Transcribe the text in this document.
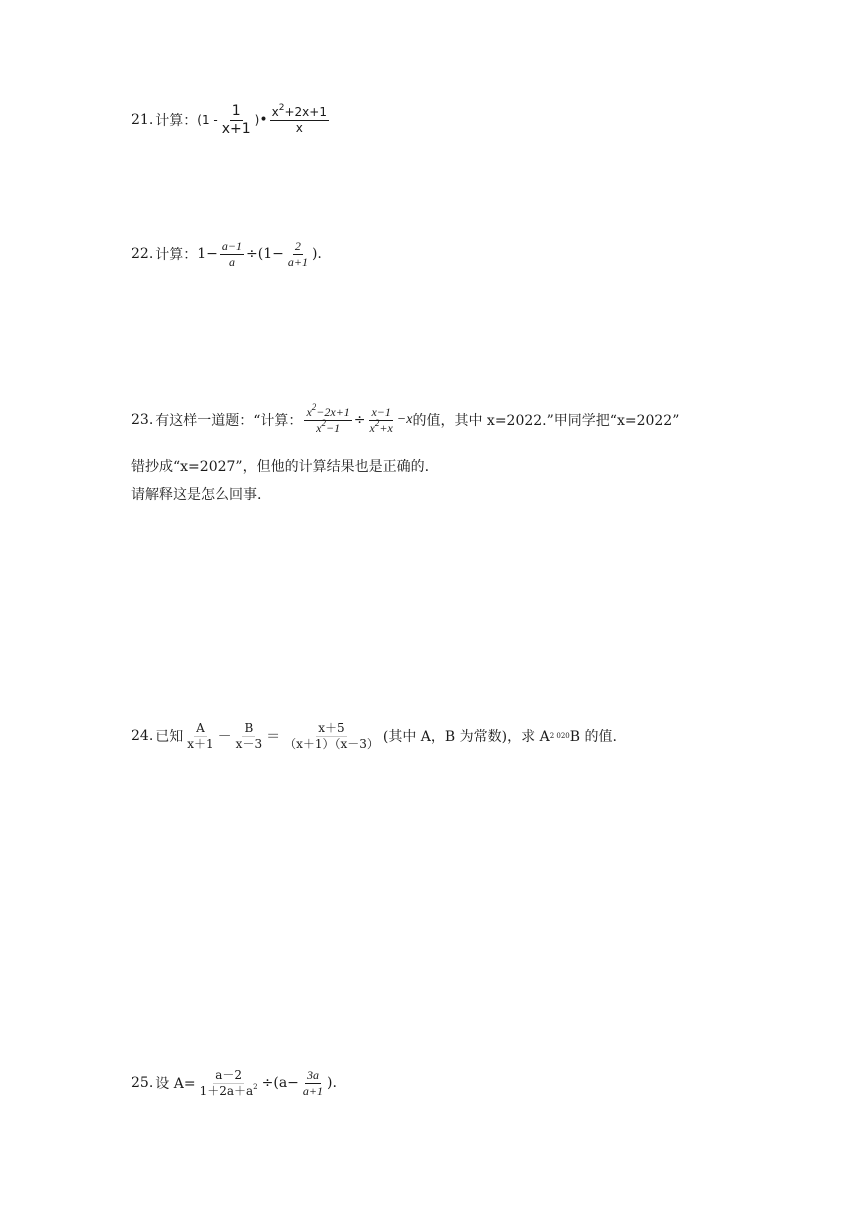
21. 计算： ($1 - \frac{1}{x+1}$ ) • $\frac{x^2+2x+1}{x}$
22. 计算： $1- \frac{a-1}{a} \div (1- \frac{2}{a+1}$ ).
23. 有这样一道题：“计算： $\frac{x^2-2x+1}{x^2-1} \div \frac{x-1}{x^2+x} -x$ 的值，其中 x=2022.”甲同学把“x=2022”
错抄成“x=2027”，但他的计算结果也是正确的.
请解释这是怎么回事.
24. 已知 $\frac{A}{x+1} - \frac{B}{x-3} = \frac{x+5}{(x+1)(x-3)}$ (其中 A，B 为常数)，求 A 2 020 B 的值.
25. 设 $A= \frac{a-2}{1+2a+a^2} \div (a- \frac{3a}{a+1}$ ).
